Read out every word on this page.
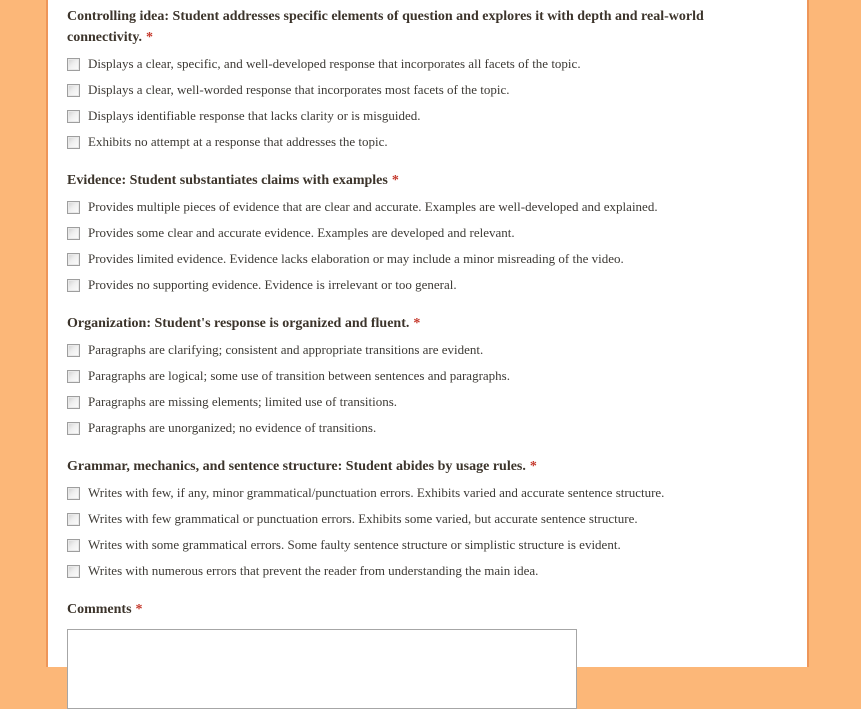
Controlling idea: Student addresses specific elements of question and explores it with depth and real-world connectivity. *
Displays a clear, specific, and well-developed response that incorporates all facets of the topic.
Displays a clear, well-worded response that incorporates most facets of the topic.
Displays identifiable response that lacks clarity or is misguided.
Exhibits no attempt at a response that addresses the topic.
Evidence: Student substantiates claims with examples *
Provides multiple pieces of evidence that are clear and accurate. Examples are well-developed and explained.
Provides some clear and accurate evidence. Examples are developed and relevant.
Provides limited evidence. Evidence lacks elaboration or may include a minor misreading of the video.
Provides no supporting evidence. Evidence is irrelevant or too general.
Organization: Student's response is organized and fluent. *
Paragraphs are clarifying; consistent and appropriate transitions are evident.
Paragraphs are logical; some use of transition between sentences and paragraphs.
Paragraphs are missing elements; limited use of transitions.
Paragraphs are unorganized; no evidence of transitions.
Grammar, mechanics, and sentence structure: Student abides by usage rules. *
Writes with few, if any, minor grammatical/punctuation errors. Exhibits varied and accurate sentence structure.
Writes with few grammatical or punctuation errors. Exhibits some varied, but accurate sentence structure.
Writes with some grammatical errors. Some faulty sentence structure or simplistic structure is evident.
Writes with numerous errors that prevent the reader from understanding the main idea.
Comments *
